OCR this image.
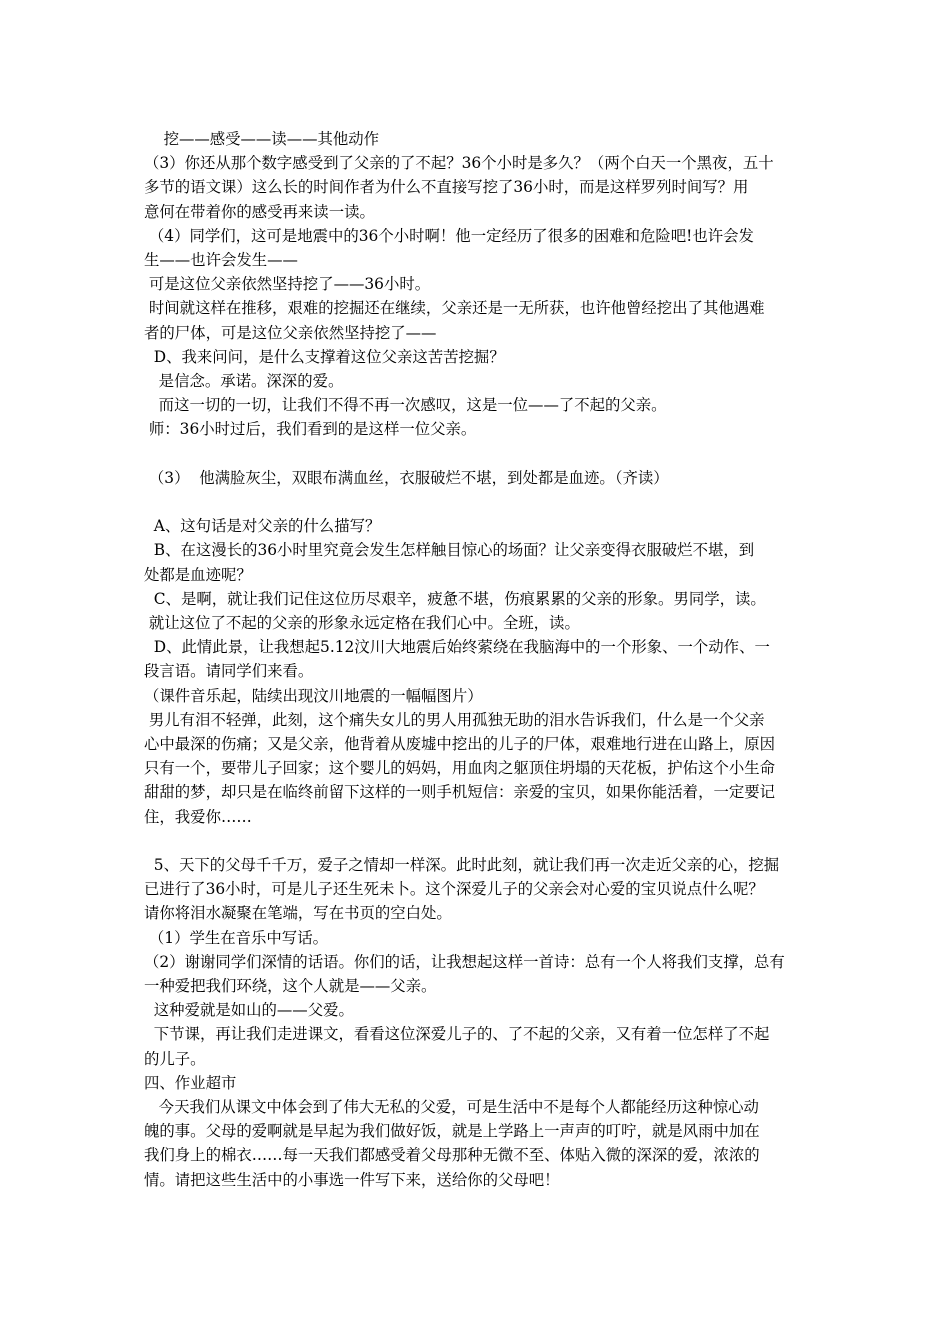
挖——感受——读——其他动作
（3）你还从那个数字感受到了父亲的了不起？36个小时是多久？（两个白天一个黑夜，五十
多节的语文课）这么长的时间作者为什么不直接写挖了36小时，而是这样罗列时间写？用
意何在带着你的感受再来读一读。
（4）同学们，这可是地震中的36个小时啊！他一定经历了很多的困难和危险吧!也许会发
生——也许会发生——
可是这位父亲依然坚持挖了——36小时。
时间就这样在推移，艰难的挖掘还在继续，父亲还是一无所获，也许他曾经挖出了其他遇难
者的尸体，可是这位父亲依然坚持挖了——
D、我来问问，是什么支撑着这位父亲这苦苦挖掘？
是信念。承诺。深深的爱。
而这一切的一切，让我们不得不再一次感叹，这是一位——了不起的父亲。
师：36小时过后，我们看到的是这样一位父亲。
（3）  他满脸灰尘，双眼布满血丝，衣服破烂不堪，到处都是血迹。（齐读）
A、这句话是对父亲的什么描写？
B、在这漫长的36小时里究竟会发生怎样触目惊心的场面？让父亲变得衣服破烂不堪，到
处都是血迹呢？
C、是啊，就让我们记住这位历尽艰辛，疲惫不堪，伤痕累累的父亲的形象。男同学，读。
就让这位了不起的父亲的形象永远定格在我们心中。全班，读。
D、此情此景，让我想起5.12汶川大地震后始终萦绕在我脑海中的一个形象、一个动作、一
段言语。请同学们来看。
（课件音乐起，陆续出现汶川地震的一幅幅图片）
男儿有泪不轻弹，此刻，这个痛失女儿的男人用孤独无助的泪水告诉我们，什么是一个父亲
心中最深的伤痛；又是父亲，他背着从废墟中挖出的儿子的尸体，艰难地行进在山路上，原因
只有一个，要带儿子回家；这个婴儿的妈妈，用血肉之躯顶住坍塌的天花板，护佑这个小生命
甜甜的梦，却只是在临终前留下这样的一则手机短信：亲爱的宝贝，如果你能活着，一定要记
住，我爱你……
5、天下的父母千千万，爱子之情却一样深。此时此刻，就让我们再一次走近父亲的心，挖掘
已进行了36小时，可是儿子还生死未卜。这个深爱儿子的父亲会对心爱的宝贝说点什么呢？
请你将泪水凝聚在笔端，写在书页的空白处。
（1）学生在音乐中写话。
（2）谢谢同学们深情的话语。你们的话，让我想起这样一首诗：总有一个人将我们支撑，总有
一种爱把我们环绕，这个人就是——父亲。
这种爱就是如山的——父爱。
下节课，再让我们走进课文，看看这位深爱儿子的、了不起的父亲，又有着一位怎样了不起
的儿子。
四、作业超市
今天我们从课文中体会到了伟大无私的父爱，可是生活中不是每个人都能经历这种惊心动
魄的事。父母的爱啊就是早起为我们做好饭，就是上学路上一声声的叮咛，就是风雨中加在
我们身上的棉衣……每一天我们都感受着父母那种无微不至、体贴入微的深深的爱，浓浓的
情。请把这些生活中的小事选一件写下来，送给你的父母吧！
